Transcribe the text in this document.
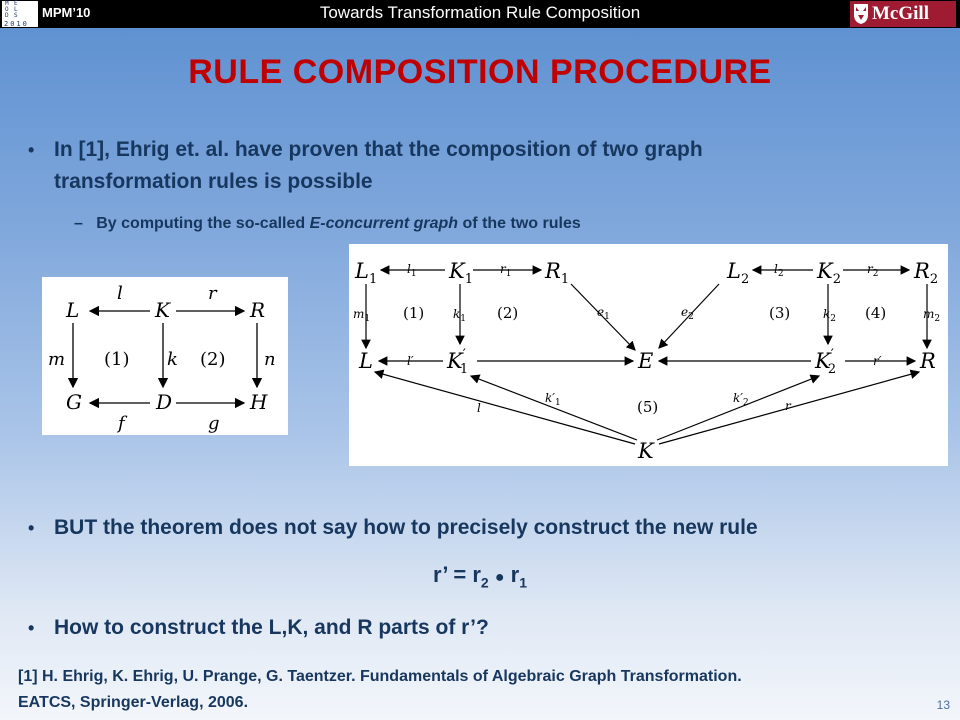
M
O
D
E
L
S
2010
MPM’10	Towards Transformation Rule Composition	McGill
RULE COMPOSITION PROCEDURE
• In [1], Ehrig et. al. have proven that the composition of two graph
transformation rules is possible
– By computing the so-called E-concurrent graph of the two rules
L	K	R
G	D	H
l	r
m	k	n
f	g
(1)	(2)
$L_1$	$K_1$	$R_1$	$L_2$	$K_2$	$R_2$
L	K′ 1	E	K′ 2	R
K
$l_1$	$r_1$	$l_2$	$r_2$
$m_1$	$k_1$	$e_1$	$e_2$	$k_2$	$m_2$
l′	r′
l
$k'_1$	$k'_2$	r
(1)	(2)	(3)	(4)
(5)
• BUT the theorem does not say how to precisely construct the new rule
r’ = $r_2$ ● $r_1$
• How to construct the L,K, and R parts of r’?
[1] H. Ehrig, K. Ehrig, U. Prange, G. Taentzer. Fundamentals of Algebraic Graph Transformation.
EATCS, Springer-Verlag, 2006.	13
